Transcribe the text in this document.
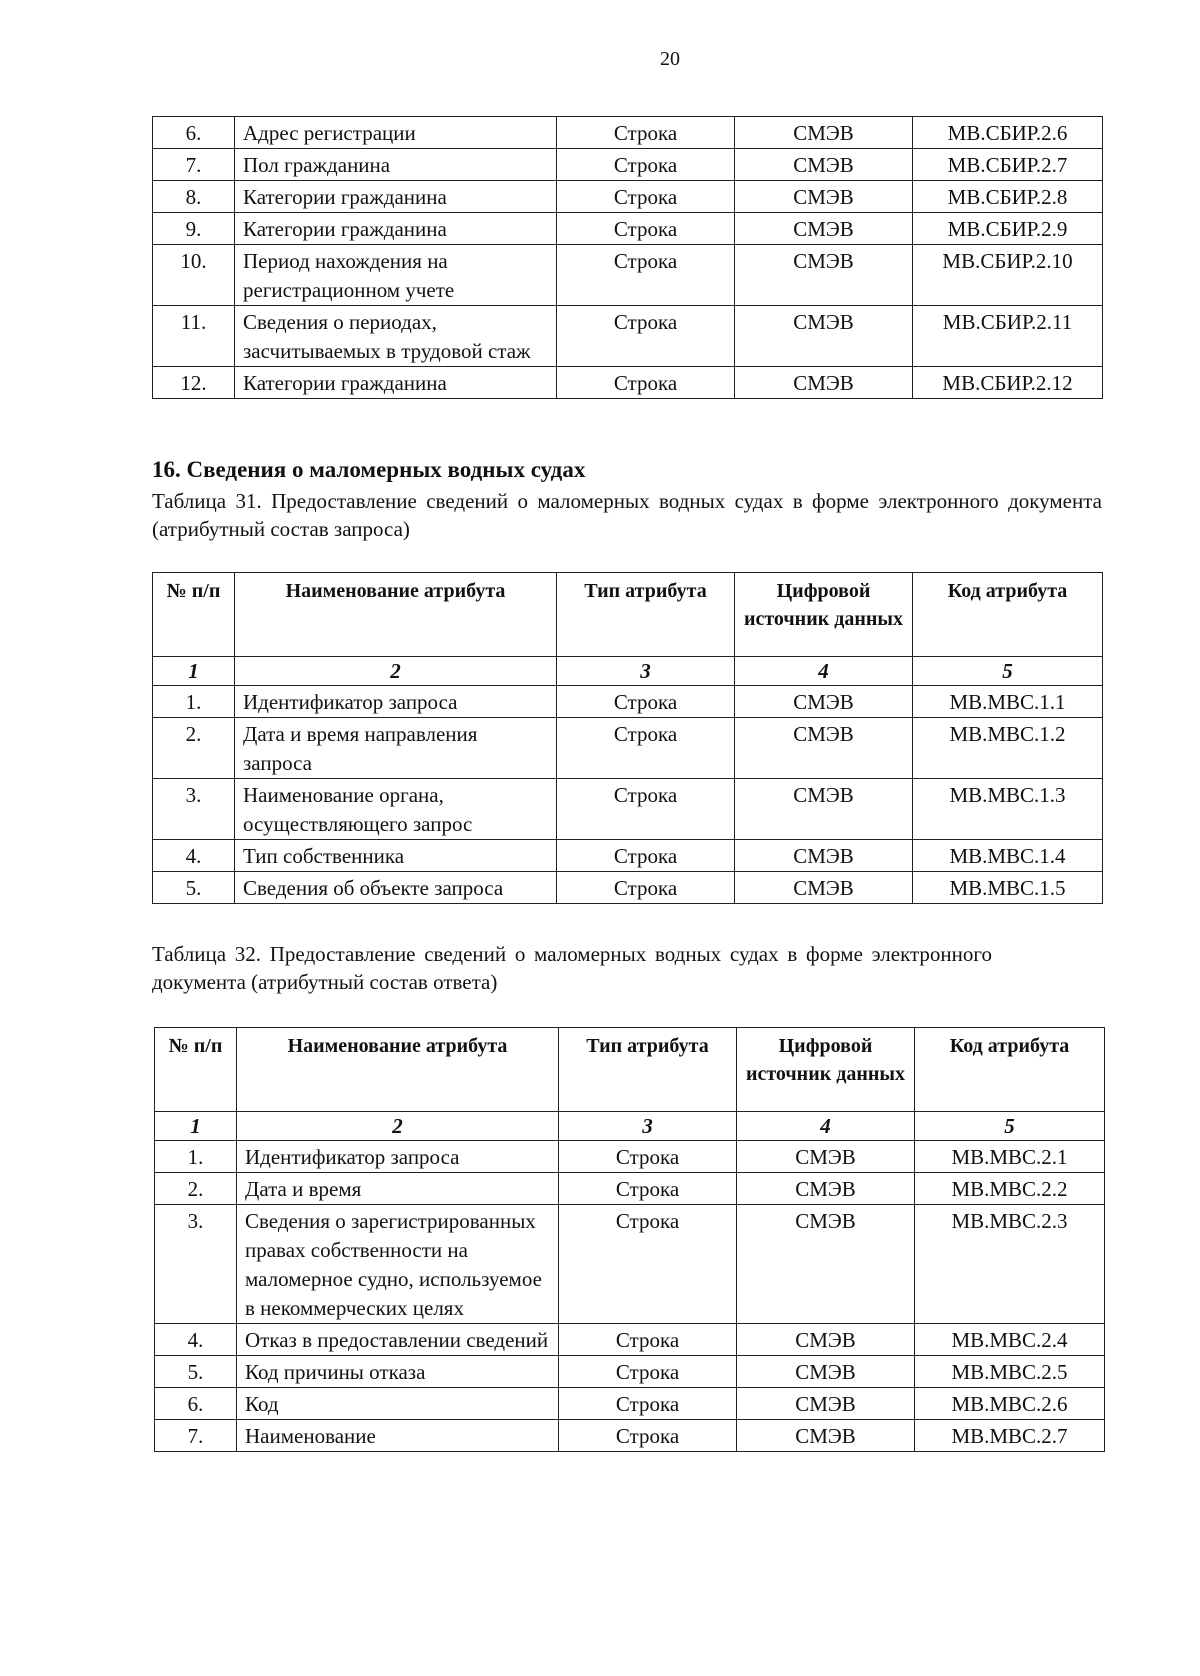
20
6.	Адрес регистрации	Строка	СМЭВ	МВ.СБИР.2.6
7.	Пол гражданина	Строка	СМЭВ	МВ.СБИР.2.7
8.	Категории гражданина	Строка	СМЭВ	МВ.СБИР.2.8
9.	Категории гражданина	Строка	СМЭВ	МВ.СБИР.2.9
10.	Период нахождения на регистрационном учете	Строка	СМЭВ	МВ.СБИР.2.10
11.	Сведения о периодах, засчитываемых в трудовой стаж	Строка	СМЭВ	МВ.СБИР.2.11
12.	Категории гражданина	Строка	СМЭВ	МВ.СБИР.2.12
16. Сведения о маломерных водных судах
Таблица 31. Предоставление сведений о маломерных водных судах в форме электронного документа (атрибутный состав запроса)
№ п/п	Наименование атрибута	Тип атрибута	Цифровой источник данных	Код атрибута
1	2	3	4	5
1.	Идентификатор запроса	Строка	СМЭВ	МВ.МВС.1.1
2.	Дата и время направления запроса	Строка	СМЭВ	МВ.МВС.1.2
3.	Наименование органа, осуществляющего запрос	Строка	СМЭВ	МВ.МВС.1.3
4.	Тип собственника	Строка	СМЭВ	МВ.МВС.1.4
5.	Сведения об объекте запроса	Строка	СМЭВ	МВ.МВС.1.5
Таблица 32. Предоставление сведений о маломерных водных судах в форме электронного документа (атрибутный состав ответа)
№ п/п	Наименование атрибута	Тип атрибута	Цифровой источник данных	Код атрибута
1	2	3	4	5
1.	Идентификатор запроса	Строка	СМЭВ	МВ.МВС.2.1
2.	Дата и время	Строка	СМЭВ	МВ.МВС.2.2
3.	Сведения о зарегистрированных правах собственности на маломерное судно, используемое в некоммерческих целях	Строка	СМЭВ	МВ.МВС.2.3
4.	Отказ в предоставлении сведений	Строка	СМЭВ	МВ.МВС.2.4
5.	Код причины отказа	Строка	СМЭВ	МВ.МВС.2.5
6.	Код	Строка	СМЭВ	МВ.МВС.2.6
7.	Наименование	Строка	СМЭВ	МВ.МВС.2.7
